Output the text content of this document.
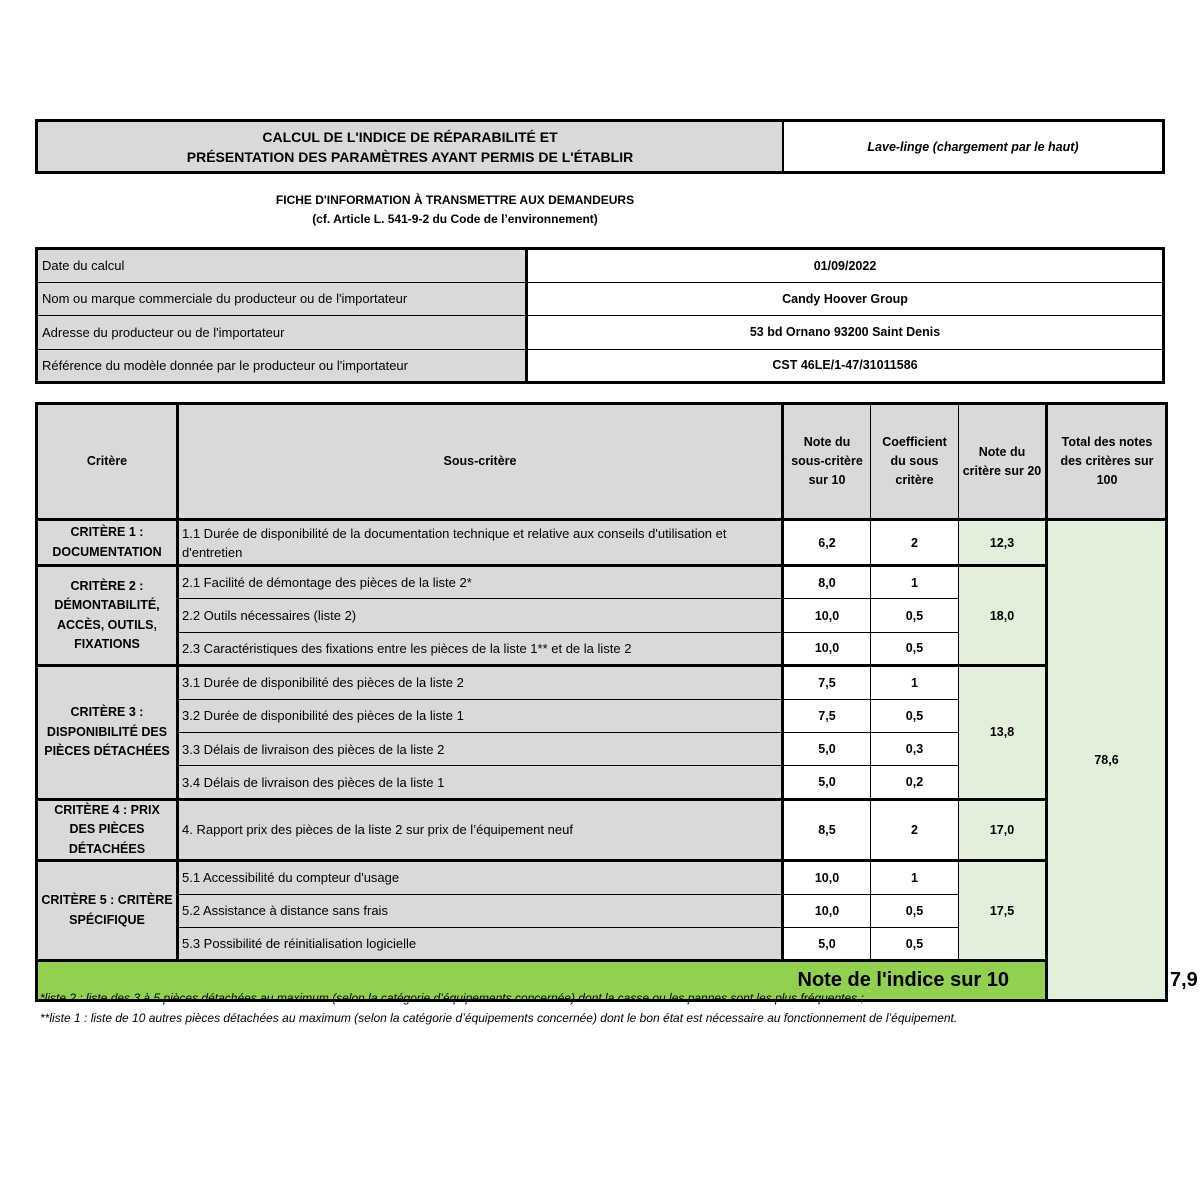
CALCUL DE L'INDICE DE RÉPARABILITÉ ET
PRÉSENTATION DES PARAMÈTRES AYANT PERMIS DE L'ÉTABLIR
Lave-linge (chargement par le haut)
FICHE D'INFORMATION À TRANSMETTRE AUX DEMANDEURS
(cf. Article L. 541-9-2 du Code de l’environnement)
Date du calcul	01/09/2022
Nom ou marque commerciale du producteur ou de l'importateur	Candy Hoover Group
Adresse du producteur ou de l'importateur	53 bd Ornano 93200 Saint Denis
Référence du modèle donnée par le producteur ou l'importateur	CST 46LE/1-47/31011586
Critère	Sous-critère	Note du sous-critère sur 10	Coefficient du sous critère	Note du critère sur 20	Total des notes des critères sur 100	
CRITÈRE 1 : DOCUMENTATION	1.1 Durée de disponibilité de la documentation technique et relative aux conseils d'utilisation et d'entretien	6,2	2	12,3	78,6	
CRITÈRE 2 : DÉMONTABILITÉ, ACCÈS, OUTILS, FIXATIONS	2.1 Facilité de démontage des pièces de la liste 2*	8,0	1	18,0		
	2.2 Outils nécessaires (liste 2)	10,0	0,5			
	2.3 Caractéristiques des fixations entre les pièces de la liste 1** et de la liste 2	10,0	0,5			
CRITÈRE 3 : DISPONIBILITÉ DES PIÈCES DÉTACHÉES	3.1 Durée de disponibilité des pièces de la liste 2	7,5	1	13,8		
	3.2 Durée de disponibilité des pièces de la liste 1	7,5	0,5			
	3.3 Délais de livraison des pièces de la liste 2	5,0	0,3			
	3.4 Délais de livraison des pièces de la liste 1	5,0	0,2			
CRITÈRE 4 : PRIX DES PIÈCES DÉTACHÉES	4. Rapport prix des pièces de la liste 2 sur prix de l’équipement neuf	8,5	2	17,0		
CRITÈRE 5 : CRITÈRE SPÉCIFIQUE	5.1 Accessibilité du compteur d'usage	10,0	1	17,5		
	5.2 Assistance à distance sans frais	10,0	0,5			
	5.3 Possibilité de réinitialisation logicielle	5,0	0,5			
Note de l'indice sur 10						7,9
*liste 2 : liste des 3 à 5 pièces détachées au maximum (selon la catégorie d’équipements concernée) dont la casse ou les pannes sont les plus fréquentes ;
**liste 1 : liste de 10 autres pièces détachées au maximum (selon la catégorie d’équipements concernée) dont le bon état est nécessaire au fonctionnement de l’équipement.
